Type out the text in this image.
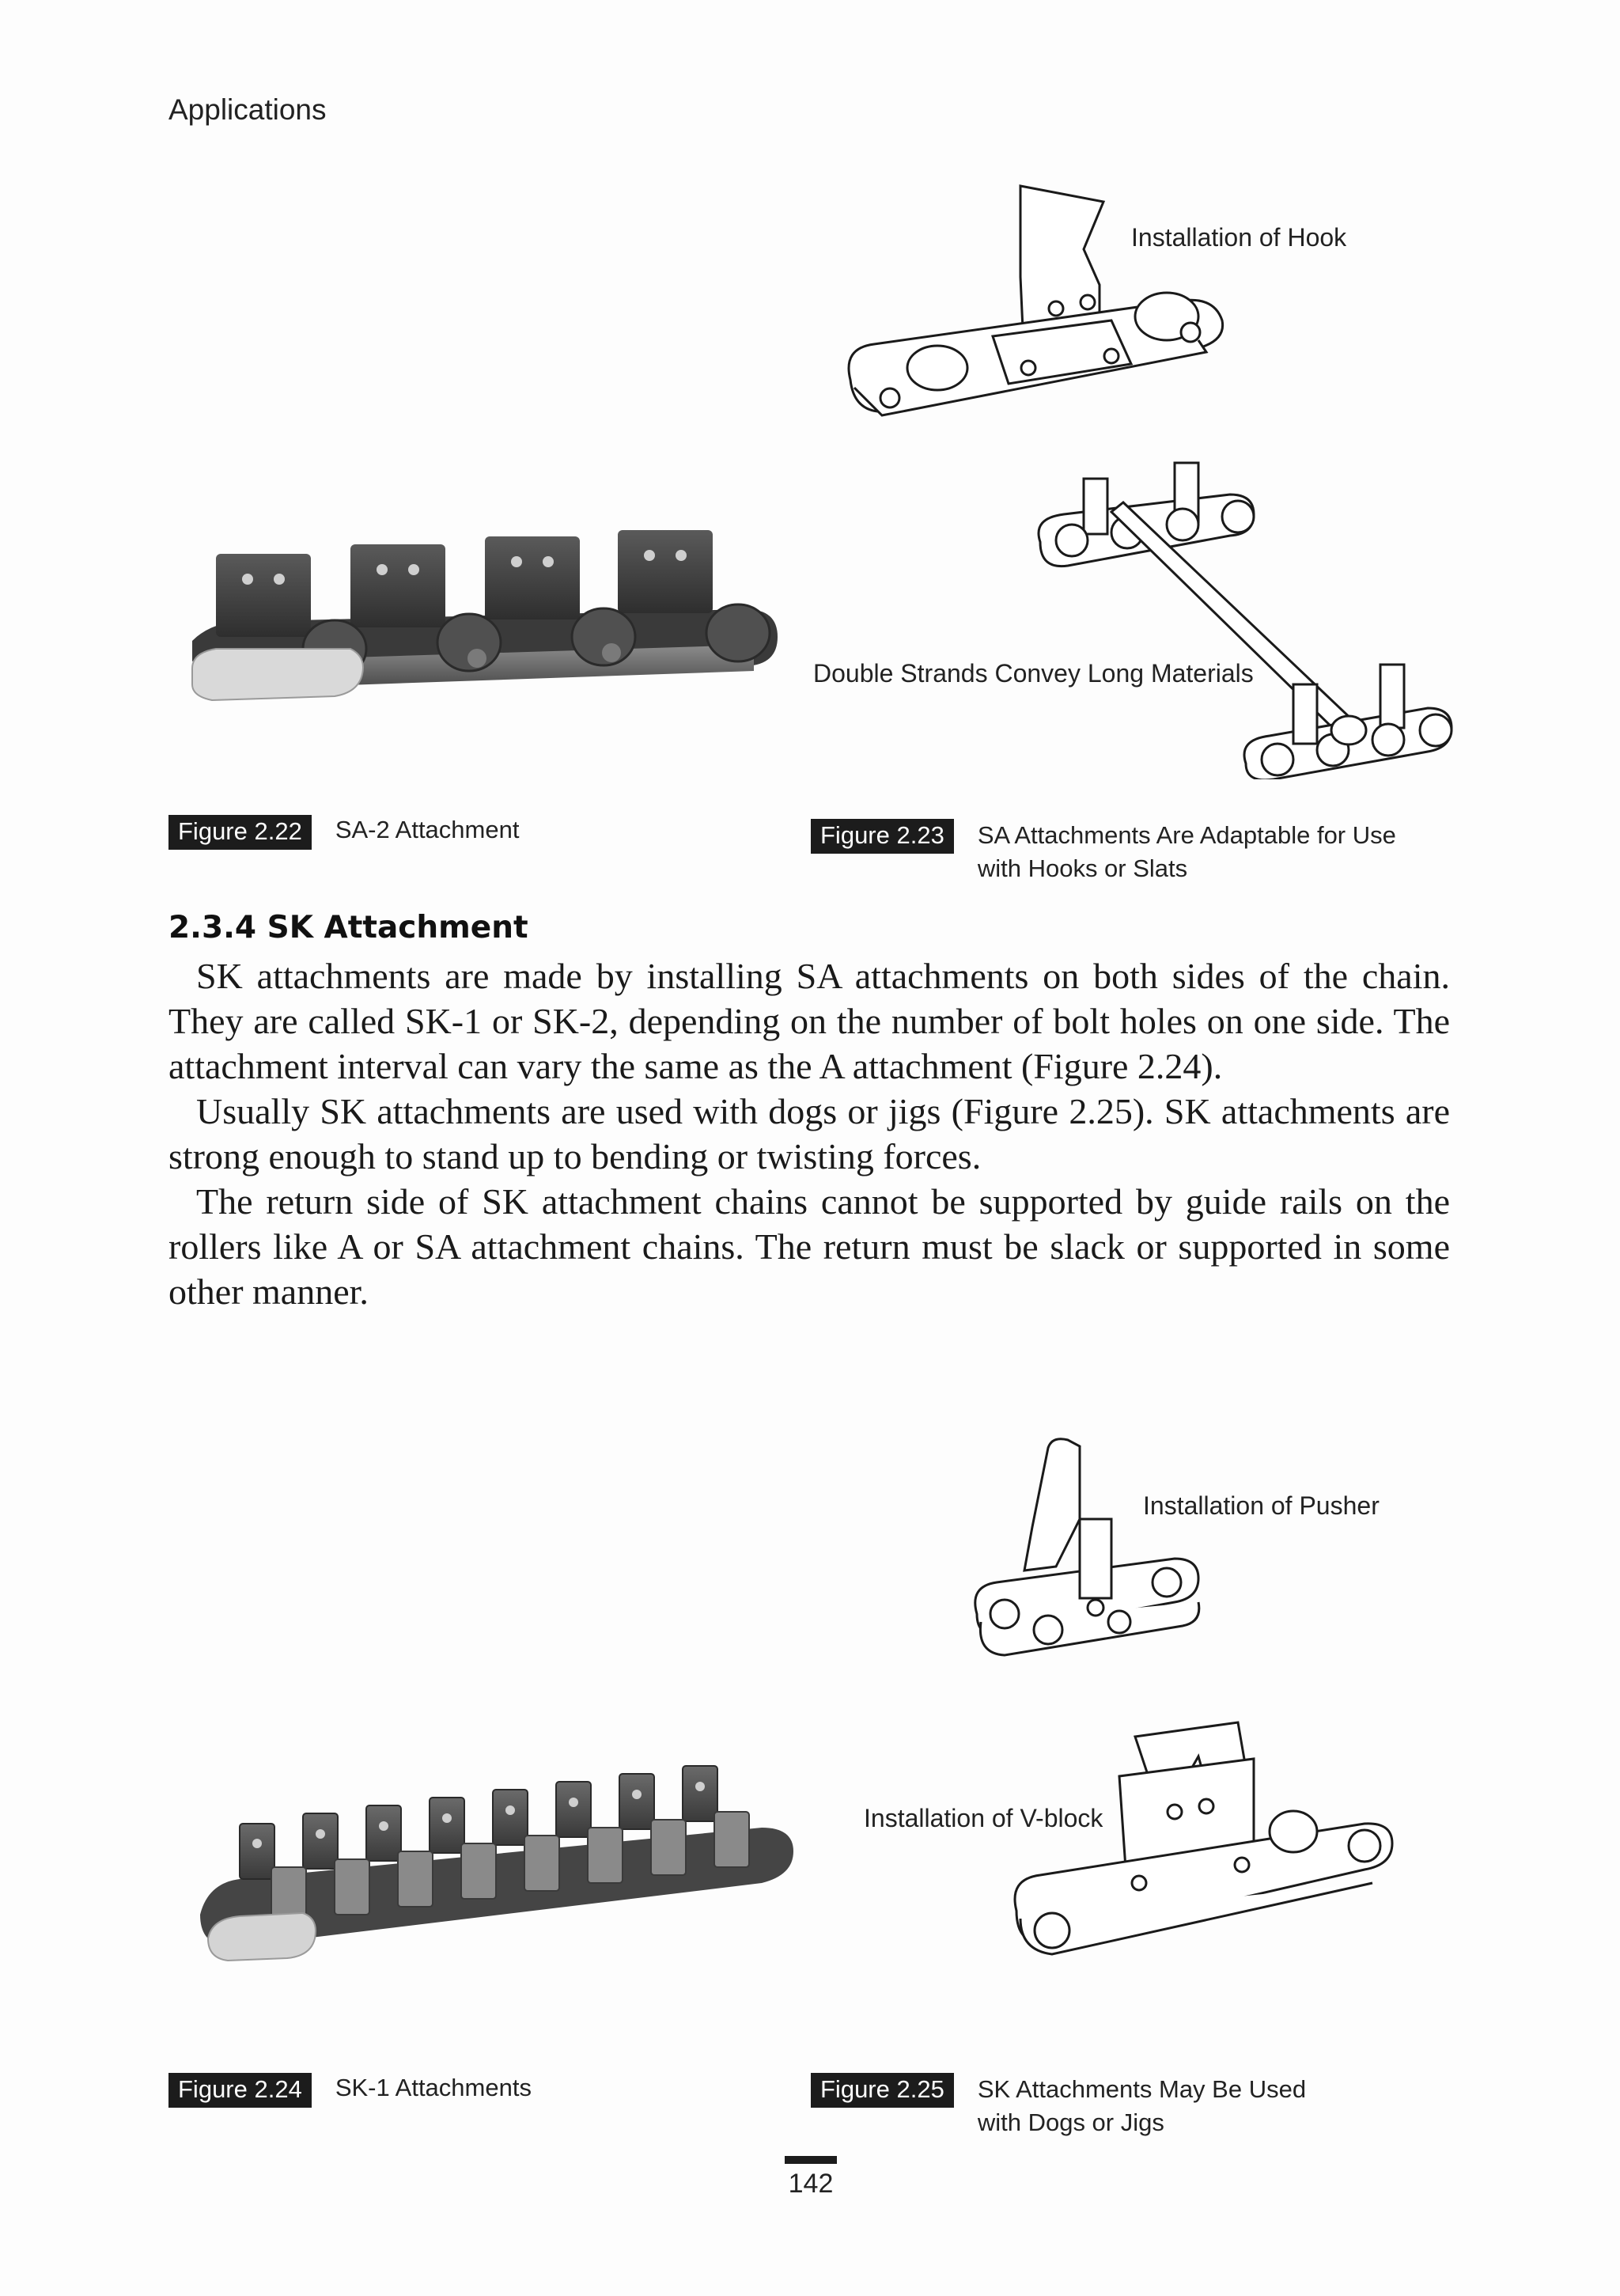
Applications
Figure 2.22	SA-2 Attachment
Installation of Hook
Double Strands Convey Long Materials
Figure 2.23	SA Attachments Are Adaptable for Use with Hooks or Slats
2.3.4 SK Attachment

SK attachments are made by installing SA attachments on both sides of the chain. They are called SK-1 or SK-2, depending on the number of bolt holes on one side. The attachment interval can vary the same as the A attachment (Figure 2.24).

Usually SK attachments are used with dogs or jigs (Figure 2.25). SK attachments are strong enough to stand up to bending or twisting forces.

The return side of SK attachment chains cannot be supported by guide rails on the rollers like A or SA attachment chains. The return must be slack or supported in some other manner.

Figure 2.24	SK-1 Attachments
Installation of Pusher
Installation of V-block
Figure 2.25	SK Attachments May Be Used with Dogs or Jigs
142
